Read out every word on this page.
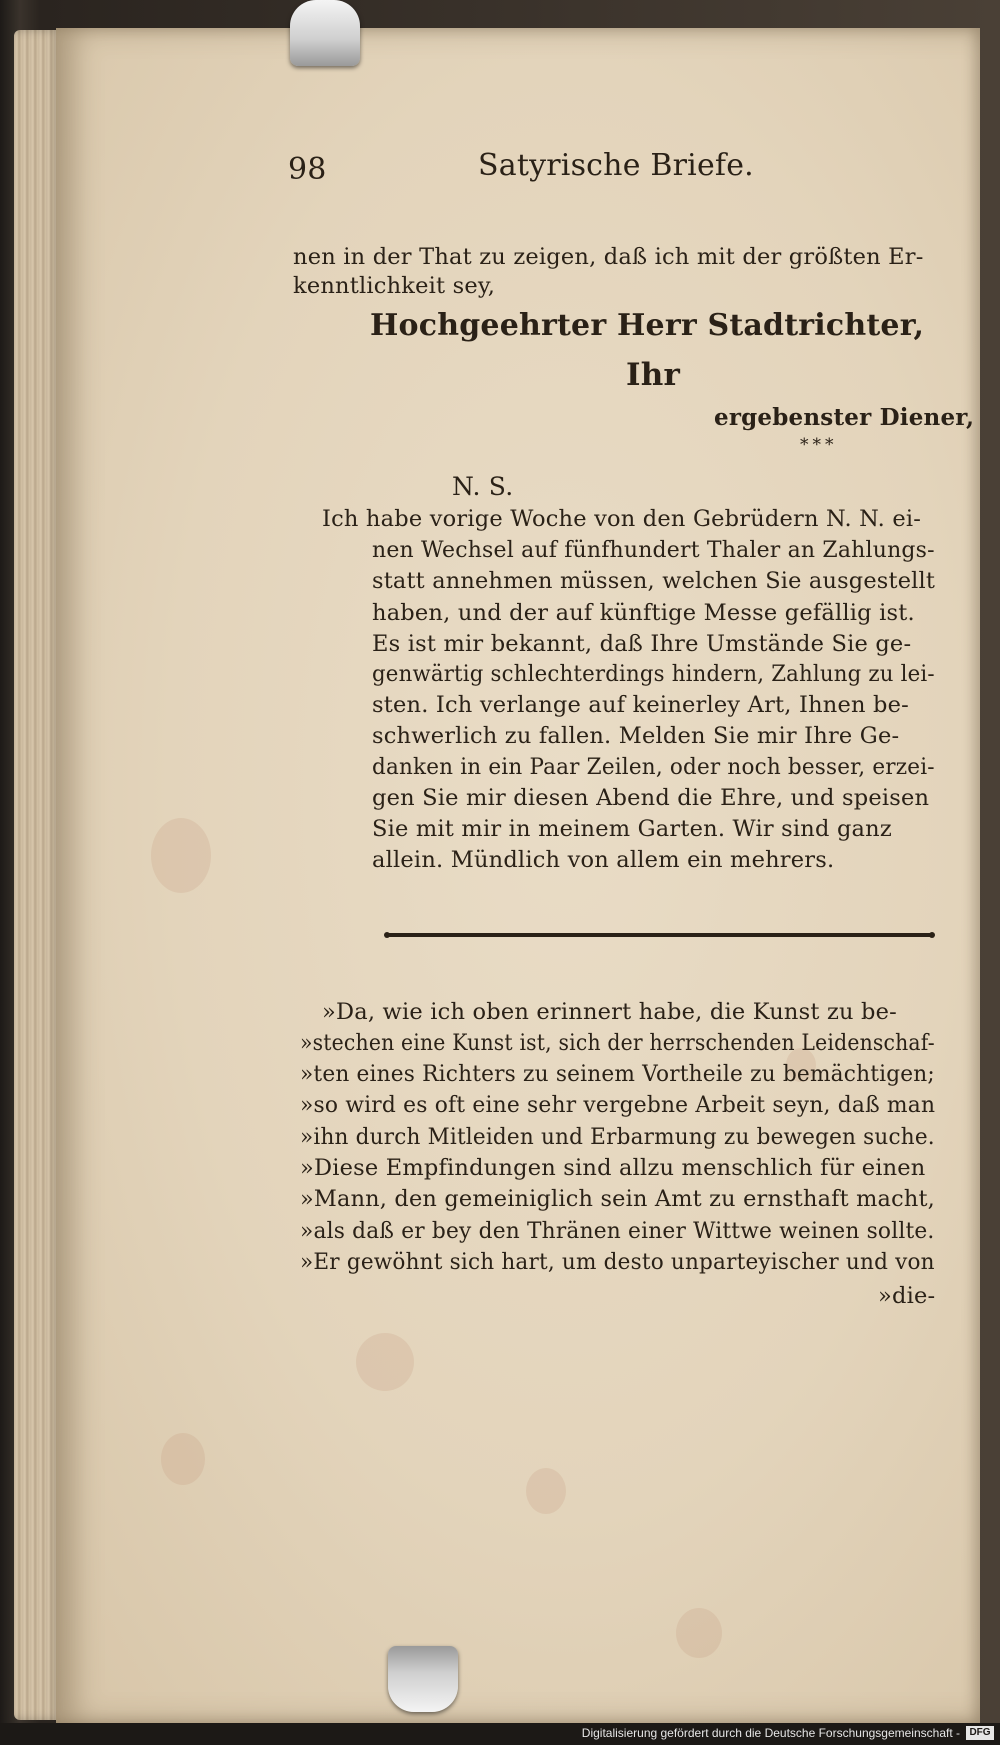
98	Satyrische Briefe.
nen in der That zu zeigen, daß ich mit der größten Er-
kenntlichkeit sey,
Hochgeehrter Herr Stadtrichter,
Ihr
ergebenster Diener,
***
N. S.
Ich habe vorige Woche von den Gebrüdern N. N. ei-
nen Wechsel auf fünfhundert Thaler an Zahlungs-
statt annehmen müssen, welchen Sie ausgestellt
haben, und der auf künftige Messe gefällig ist.
Es ist mir bekannt, daß Ihre Umstände Sie ge-
genwärtig schlechterdings hindern, Zahlung zu lei-
sten. Ich verlange auf keinerley Art, Ihnen be-
schwerlich zu fallen. Melden Sie mir Ihre Ge-
danken in ein Paar Zeilen, oder noch besser, erzei-
gen Sie mir diesen Abend die Ehre, und speisen
Sie mit mir in meinem Garten. Wir sind ganz
allein. Mündlich von allem ein mehrers.
»Da, wie ich oben erinnert habe, die Kunst zu be-
»stechen eine Kunst ist, sich der herrschenden Leidenschaf-
»ten eines Richters zu seinem Vortheile zu bemächtigen;
»so wird es oft eine sehr vergebne Arbeit seyn, daß man
»ihn durch Mitleiden und Erbarmung zu bewegen suche.
»Diese Empfindungen sind allzu menschlich für einen
»Mann, den gemeiniglich sein Amt zu ernsthaft macht,
»als daß er bey den Thränen einer Wittwe weinen sollte.
»Er gewöhnt sich hart, um desto unparteyischer und von
»die-
Digitalisierung gefördert durch die Deutsche Forschungsgemeinschaft - DFG
